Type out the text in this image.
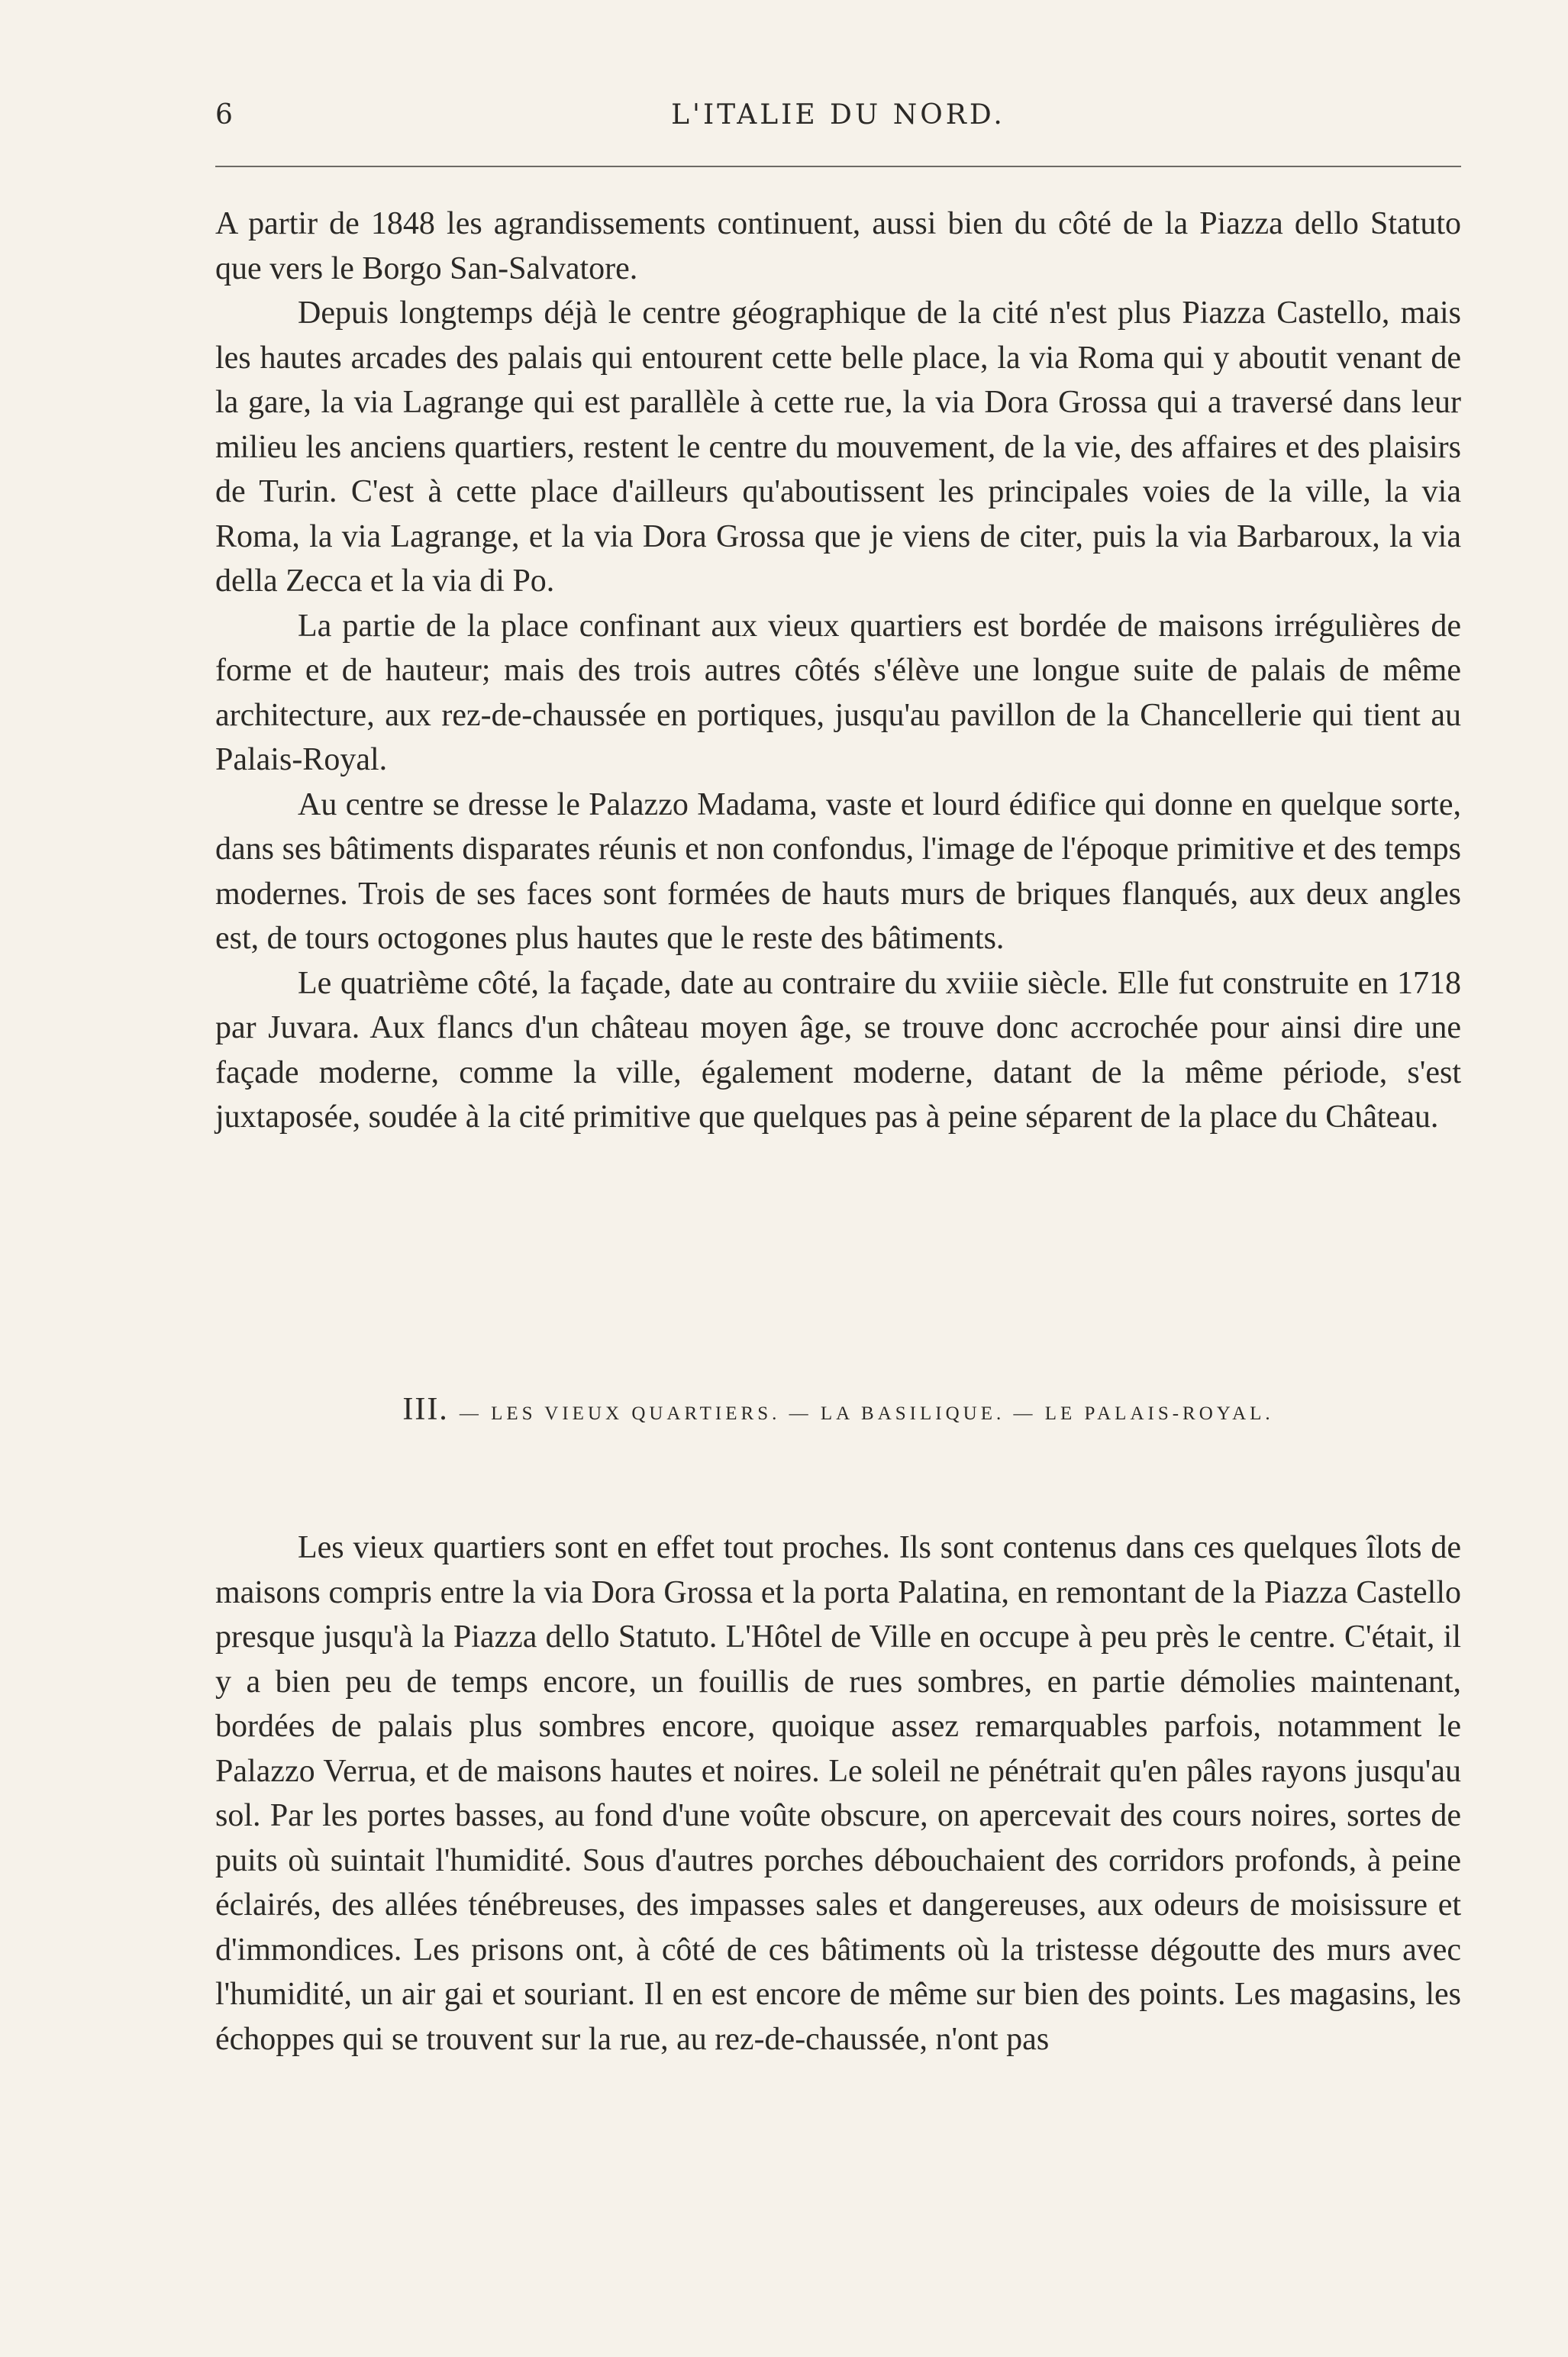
6	L'ITALIE DU NORD.

A partir de 1848 les agrandissements continuent, aussi bien du côté de la Piazza dello Statuto que vers le Borgo San-Salvatore.

Depuis longtemps déjà le centre géographique de la cité n'est plus Piazza Castello, mais les hautes arcades des palais qui entourent cette belle place, la via Roma qui y aboutit venant de la gare, la via Lagrange qui est parallèle à cette rue, la via Dora Grossa qui a traversé dans leur milieu les anciens quartiers, restent le centre du mouvement, de la vie, des affaires et des plaisirs de Turin. C'est à cette place d'ailleurs qu'aboutissent les principales voies de la ville, la via Roma, la via Lagrange, et la via Dora Grossa que je viens de citer, puis la via Barbaroux, la via della Zecca et la via di Po.

La partie de la place confinant aux vieux quartiers est bordée de maisons irrégulières de forme et de hauteur; mais des trois autres côtés s'élève une longue suite de palais de même architecture, aux rez-de-chaussée en portiques, jusqu'au pavillon de la Chancellerie qui tient au Palais-Royal.

Au centre se dresse le Palazzo Madama, vaste et lourd édifice qui donne en quelque sorte, dans ses bâtiments disparates réunis et non confondus, l'image de l'époque primitive et des temps modernes. Trois de ses faces sont formées de hauts murs de briques flanqués, aux deux angles est, de tours octogones plus hautes que le reste des bâtiments.

Le quatrième côté, la façade, date au contraire du xviiie siècle. Elle fut construite en 1718 par Juvara. Aux flancs d'un château moyen âge, se trouve donc accrochée pour ainsi dire une façade moderne, comme la ville, également moderne, datant de la même période, s'est juxtaposée, soudée à la cité primitive que quelques pas à peine séparent de la place du Château.

III. — LES VIEUX QUARTIERS. — LA BASILIQUE. — LE PALAIS-ROYAL.

Les vieux quartiers sont en effet tout proches. Ils sont contenus dans ces quelques îlots de maisons compris entre la via Dora Grossa et la porta Palatina, en remontant de la Piazza Castello presque jusqu'à la Piazza dello Statuto. L'Hôtel de Ville en occupe à peu près le centre. C'était, il y a bien peu de temps encore, un fouillis de rues sombres, en partie démolies maintenant, bordées de palais plus sombres encore, quoique assez remarquables parfois, notamment le Palazzo Verrua, et de maisons hautes et noires. Le soleil ne pénétrait qu'en pâles rayons jusqu'au sol. Par les portes basses, au fond d'une voûte obscure, on apercevait des cours noires, sortes de puits où suintait l'humidité. Sous d'autres porches débouchaient des corridors profonds, à peine éclairés, des allées ténébreuses, des impasses sales et dangereuses, aux odeurs de moisissure et d'immondices. Les prisons ont, à côté de ces bâtiments où la tristesse dégoutte des murs avec l'humidité, un air gai et souriant. Il en est encore de même sur bien des points. Les magasins, les échoppes qui se trouvent sur la rue, au rez-de-chaussée, n'ont pas
